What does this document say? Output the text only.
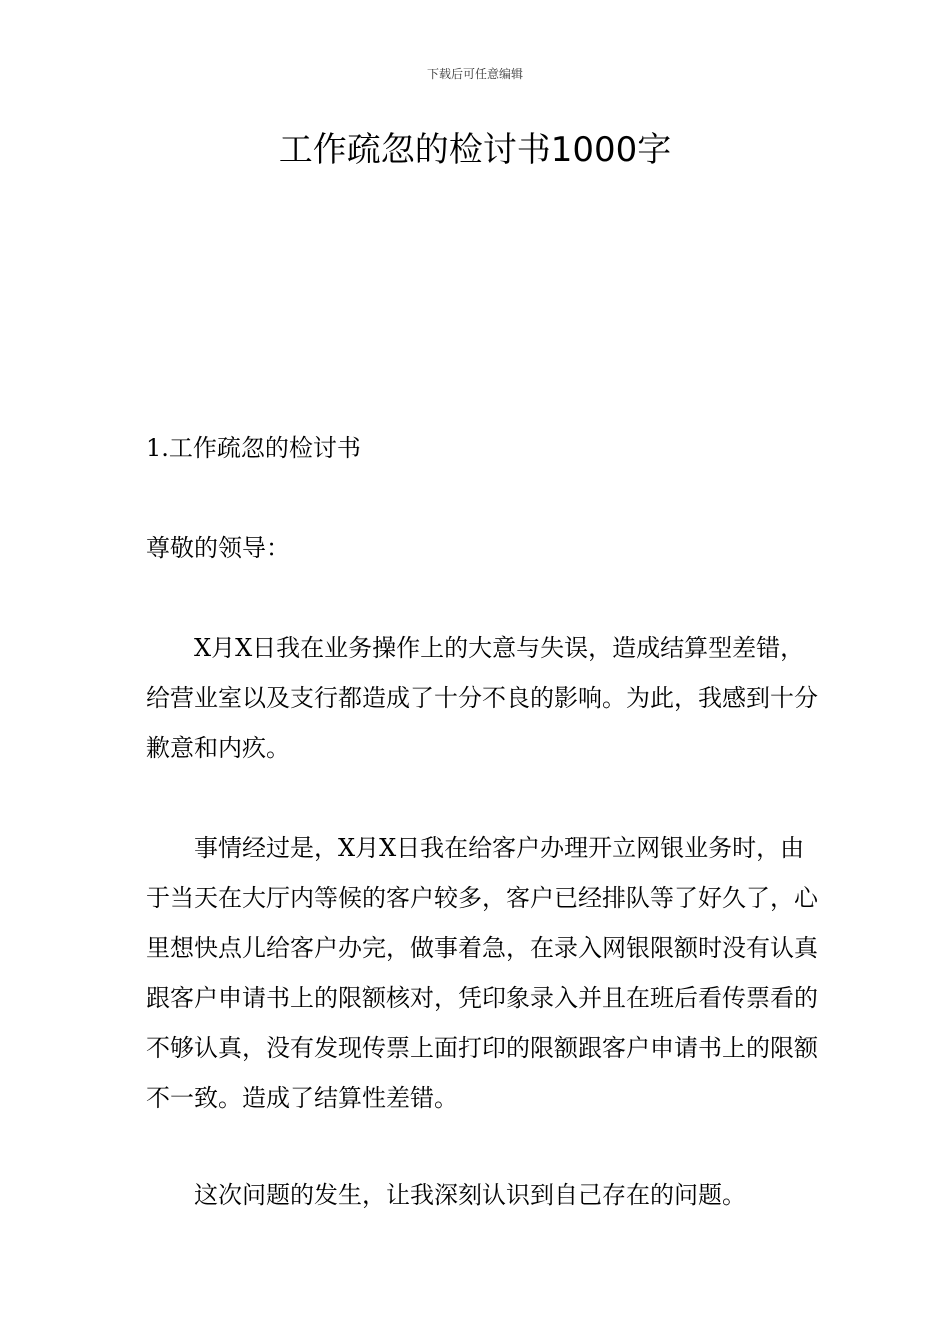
下载后可任意编辑
工作疏忽的检讨书1000字
1.工作疏忽的检讨书

尊敬的领导：

X月X日我在业务操作上的大意与失误，造成结算型差错，给营业室以及支行都造成了十分不良的影响。为此，我感到十分歉意和内疚。

事情经过是，X月X日我在给客户办理开立网银业务时，由于当天在大厅内等候的客户较多，客户已经排队等了好久了，心里想快点儿给客户办完，做事着急，在录入网银限额时没有认真跟客户申请书上的限额核对，凭印象录入并且在班后看传票看的不够认真，没有发现传票上面打印的限额跟客户申请书上的限额不一致。造成了结算性差错。

这次问题的发生，让我深刻认识到自己存在的问题。
